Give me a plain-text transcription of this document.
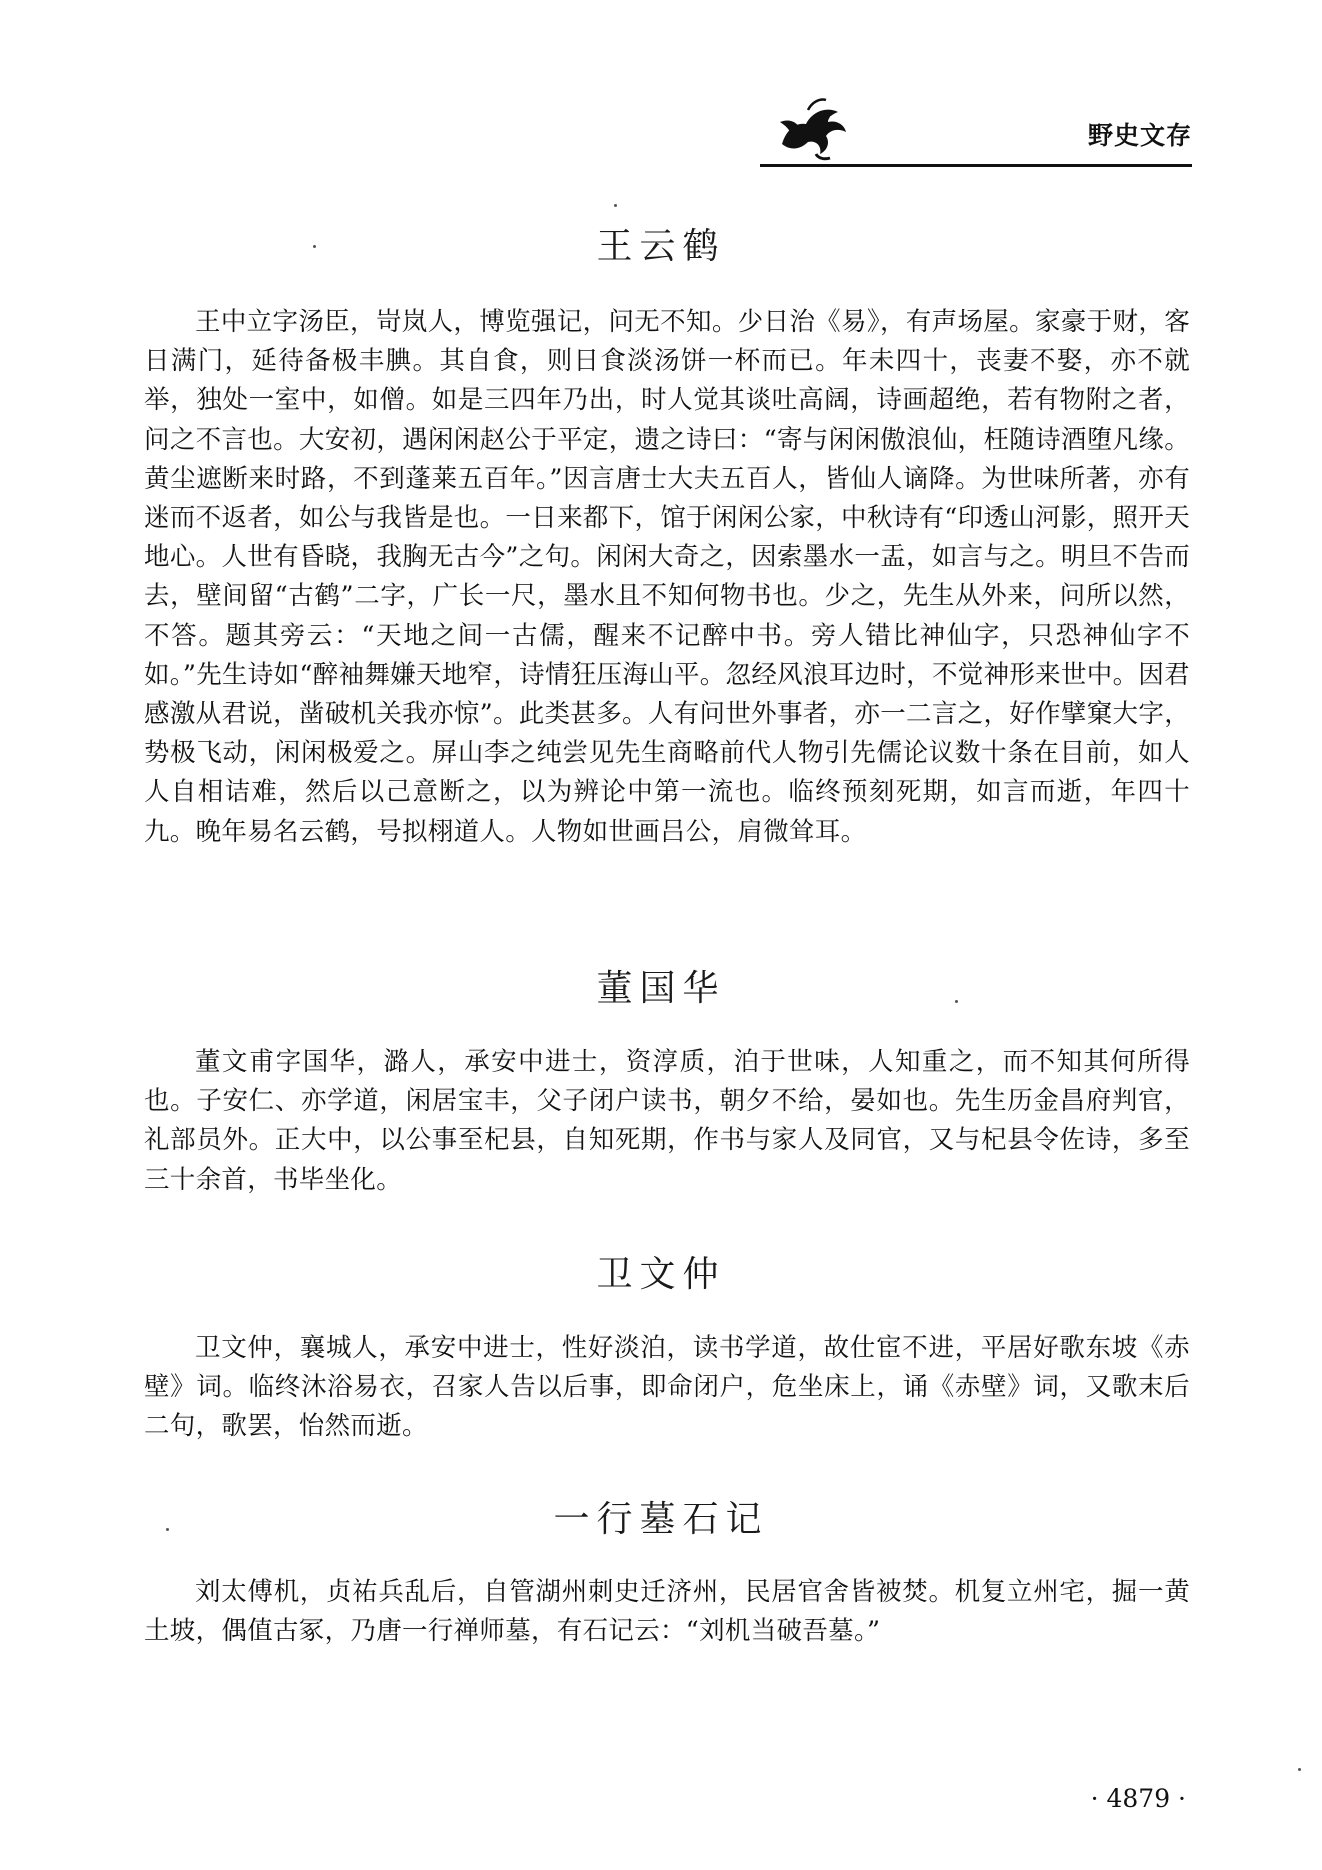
野史文存
王云鹤

王中立字汤臣，岢岚人，博览强记，问无不知。少日治《易》，有声场屋。家豪于财，客日满门，延待备极丰腆。其自食，则日食淡汤饼一杯而已。年未四十，丧妻不娶，亦不就举，独处一室中，如僧。如是三四年乃出，时人觉其谈吐高阔，诗画超绝，若有物附之者，问之不言也。大安初，遇闲闲赵公于平定，遗之诗曰：“寄与闲闲傲浪仙，枉随诗酒堕凡缘。黄尘遮断来时路，不到蓬莱五百年。”因言唐士大夫五百人，皆仙人谪降。为世味所著，亦有迷而不返者，如公与我皆是也。一日来都下，馆于闲闲公家，中秋诗有“印透山河影，照开天地心。人世有昏晓，我胸无古今”之句。闲闲大奇之，因索墨水一盂，如言与之。明旦不告而去，壁间留“古鹤”二字，广长一尺，墨水且不知何物书也。少之，先生从外来，问所以然，不答。题其旁云：“天地之间一古儒，醒来不记醉中书。旁人错比神仙字，只恐神仙字不如。”先生诗如“醉袖舞嫌天地窄，诗情狂压海山平。忽经风浪耳边时，不觉神形来世中。因君感激从君说，凿破机关我亦惊”。此类甚多。人有问世外事者，亦一二言之，好作擘窠大字，势极飞动，闲闲极爱之。屏山李之纯尝见先生商略前代人物引先儒论议数十条在目前，如人人自相诘难，然后以己意断之，以为辨论中第一流也。临终预刻死期，如言而逝，年四十九。晚年易名云鹤，号拟栩道人。人物如世画吕公，肩微耸耳。

董国华

董文甫字国华，潞人，承安中进士，资淳质，泊于世味，人知重之，而不知其何所得也。子安仁、亦学道，闲居宝丰，父子闭户读书，朝夕不给，晏如也。先生历金昌府判官，礼部员外。正大中，以公事至杞县，自知死期，作书与家人及同官，又与杞县令佐诗，多至三十余首，书毕坐化。

卫文仲

卫文仲，襄城人，承安中进士，性好淡泊，读书学道，故仕宦不进，平居好歌东坡《赤壁》词。临终沐浴易衣，召家人告以后事，即命闭户，危坐床上，诵《赤壁》词，又歌末后二句，歌罢，怡然而逝。

一行墓石记

刘太傅机，贞祐兵乱后，自管湖州刺史迁济州，民居官舍皆被焚。机复立州宅，掘一黄土坡，偶值古冢，乃唐一行禅师墓，有石记云：“刘机当破吾墓。”

· 4879 ·
